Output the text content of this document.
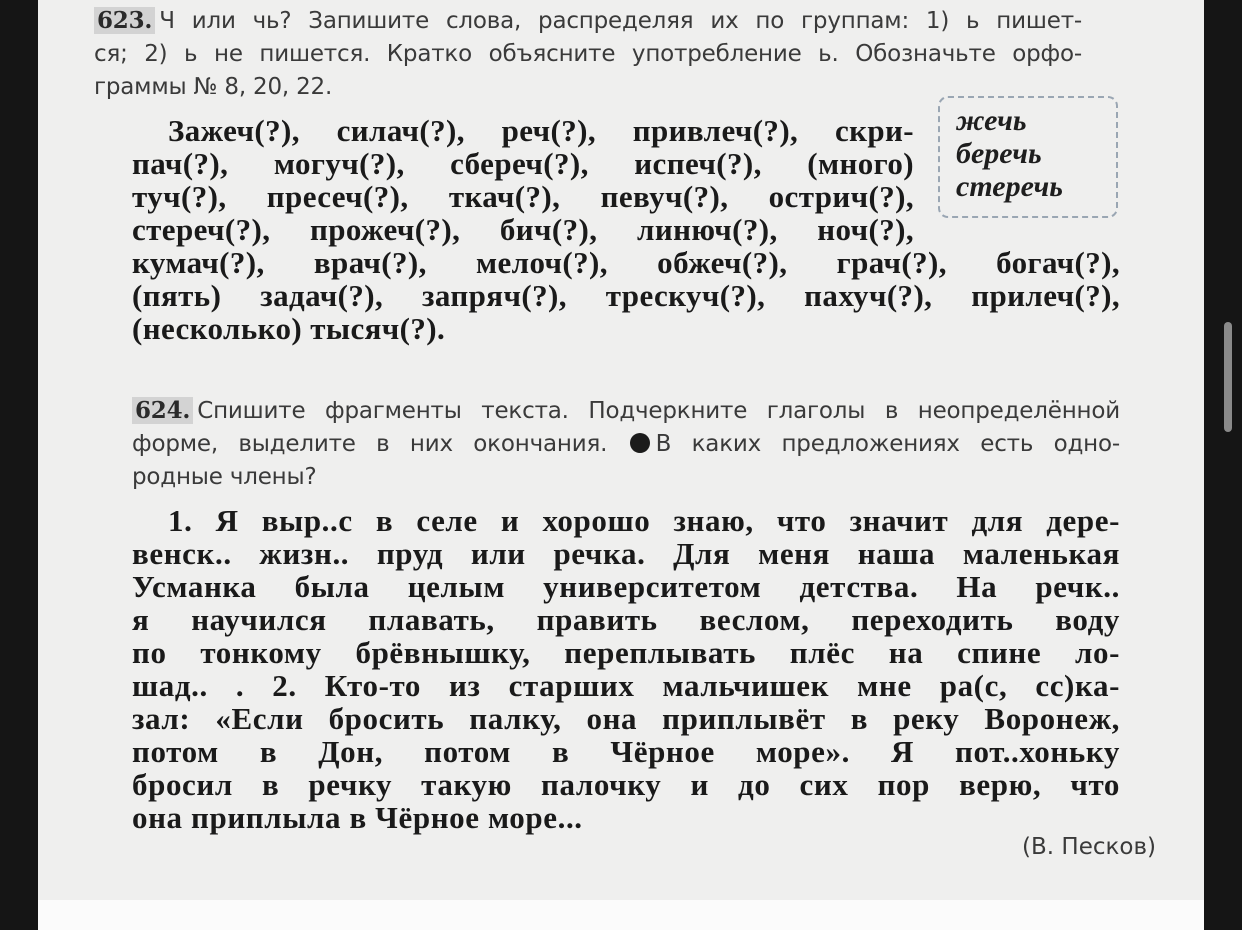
623. Ч или чь? Запишите слова, распределяя их по группам: 1) ь пишет-
ся; 2) ь не пишется. Кратко объясните употребление ь. Обозначьте орфо-
граммы № 8, 20, 22.
Зажеч(?), силач(?), реч(?), привлеч(?), скри-
пач(?), могуч(?), сбереч(?), испеч(?), (много)
туч(?), пресеч(?), ткач(?), певуч(?), острич(?),
стереч(?), прожеч(?), бич(?), линюч(?), ноч(?),
кумач(?), врач(?), мелоч(?), обжеч(?), грач(?), богач(?),
(пять) задач(?), запряч(?), трескуч(?), пахуч(?), прилеч(?),
(несколько) тысяч(?).
жечь
беречь
стеречь
624. Спишите фрагменты текста. Подчеркните глаголы в неопределённой
форме, выделите в них окончания. В каких предложениях есть одно-
родные члены?
1. Я выр..с в селе и хорошо знаю, что значит для дере-
венск.. жизн.. пруд или речка. Для меня наша маленькая
Усманка была целым университетом детства. На речк..
я научился плавать, править веслом, переходить воду
по тонкому брёвнышку, переплывать плёс на спине ло-
шад.. . 2. Кто-то из старших мальчишек мне ра(с, сс)ка-
зал: «Если бросить палку, она приплывёт в реку Воронеж,
потом в Дон, потом в Чёрное море». Я пот..хоньку
бросил в речку такую палочку и до сих пор верю, что
она приплыла в Чёрное море...
(В. Песков)
